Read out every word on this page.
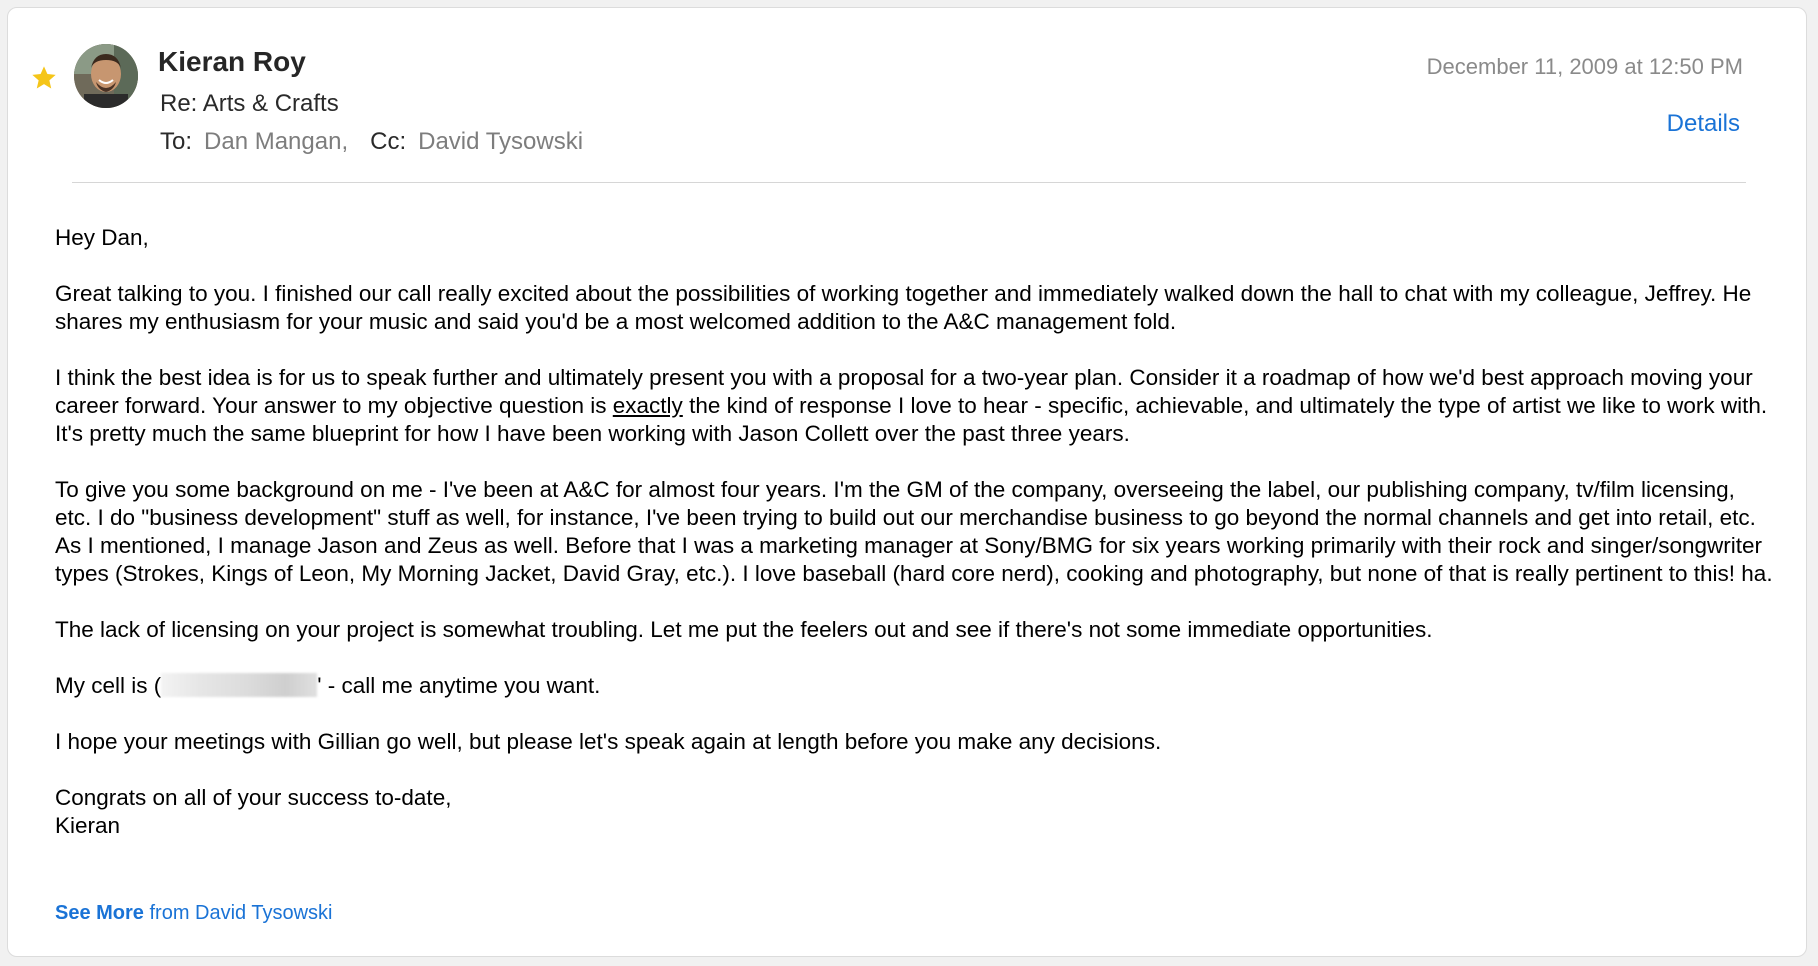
Kieran Roy
Re: Arts & Crafts
To: Dan Mangan, Cc: David Tysowski
December 11, 2009 at 12:50 PM
Details

Hey Dan,

Great talking to you. I finished our call really excited about the possibilities of working together and immediately walked down the hall to chat with my colleague, Jeffrey. He shares my enthusiasm for your music and said you'd be a most welcomed addition to the A&C management fold.

I think the best idea is for us to speak further and ultimately present you with a proposal for a two-year plan. Consider it a roadmap of how we'd best approach moving your career forward. Your answer to my objective question is exactly the kind of response I love to hear - specific, achievable, and ultimately the type of artist we like to work with. It's pretty much the same blueprint for how I have been working with Jason Collett over the past three years.

To give you some background on me - I've been at A&C for almost four years. I'm the GM of the company, overseeing the label, our publishing company, tv/film licensing, etc. I do "business development" stuff as well, for instance, I've been trying to build out our merchandise business to go beyond the normal channels and get into retail, etc. As I mentioned, I manage Jason and Zeus as well. Before that I was a marketing manager at Sony/BMG for six years working primarily with their rock and singer/songwriter types (Strokes, Kings of Leon, My Morning Jacket, David Gray, etc.). I love baseball (hard core nerd), cooking and photography, but none of that is really pertinent to this! ha.

The lack of licensing on your project is somewhat troubling. Let me put the feelers out and see if there's not some immediate opportunities.

My cell is (	' - call me anytime you want.

I hope your meetings with Gillian go well, but please let's speak again at length before you make any decisions.

Congrats on all of your success to-date,
Kieran

See More from David Tysowski
